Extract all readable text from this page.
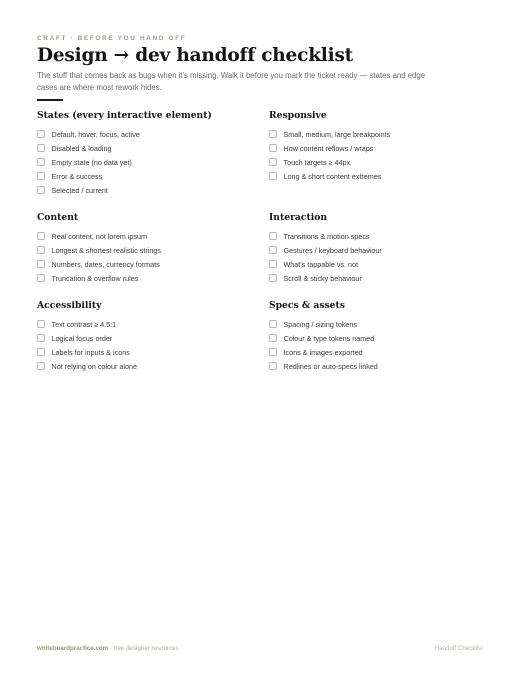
CRAFT · BEFORE YOU HAND OFF
Design → dev handoff checklist

The stuff that comes back as bugs when it's missing. Walk it before you mark the ticket ready — states and edge cases are where most rework hides.

States (every interactive element)
Default, hover, focus, active
Disabled & loading
Empty state (no data yet)
Error & success
Selected / current
Responsive
Small, medium, large breakpoints
How content reflows / wraps
Touch targets ≥ 44px
Long & short content extremes
Content
Real content, not lorem ipsum
Longest & shortest realistic strings
Numbers, dates, currency formats
Truncation & overflow rules
Interaction
Transitions & motion specs
Gestures / keyboard behaviour
What's tappable vs. not
Scroll & sticky behaviour
Accessibility
Text contrast ≥ 4.5:1
Logical focus order
Labels for inputs & icons
Not relying on colour alone
Specs & assets
Spacing / sizing tokens
Colour & type tokens named
Icons & images exported
Redlines or auto-specs linked
whiteboardpractice.com · free designer resources	Handoff Checklist
